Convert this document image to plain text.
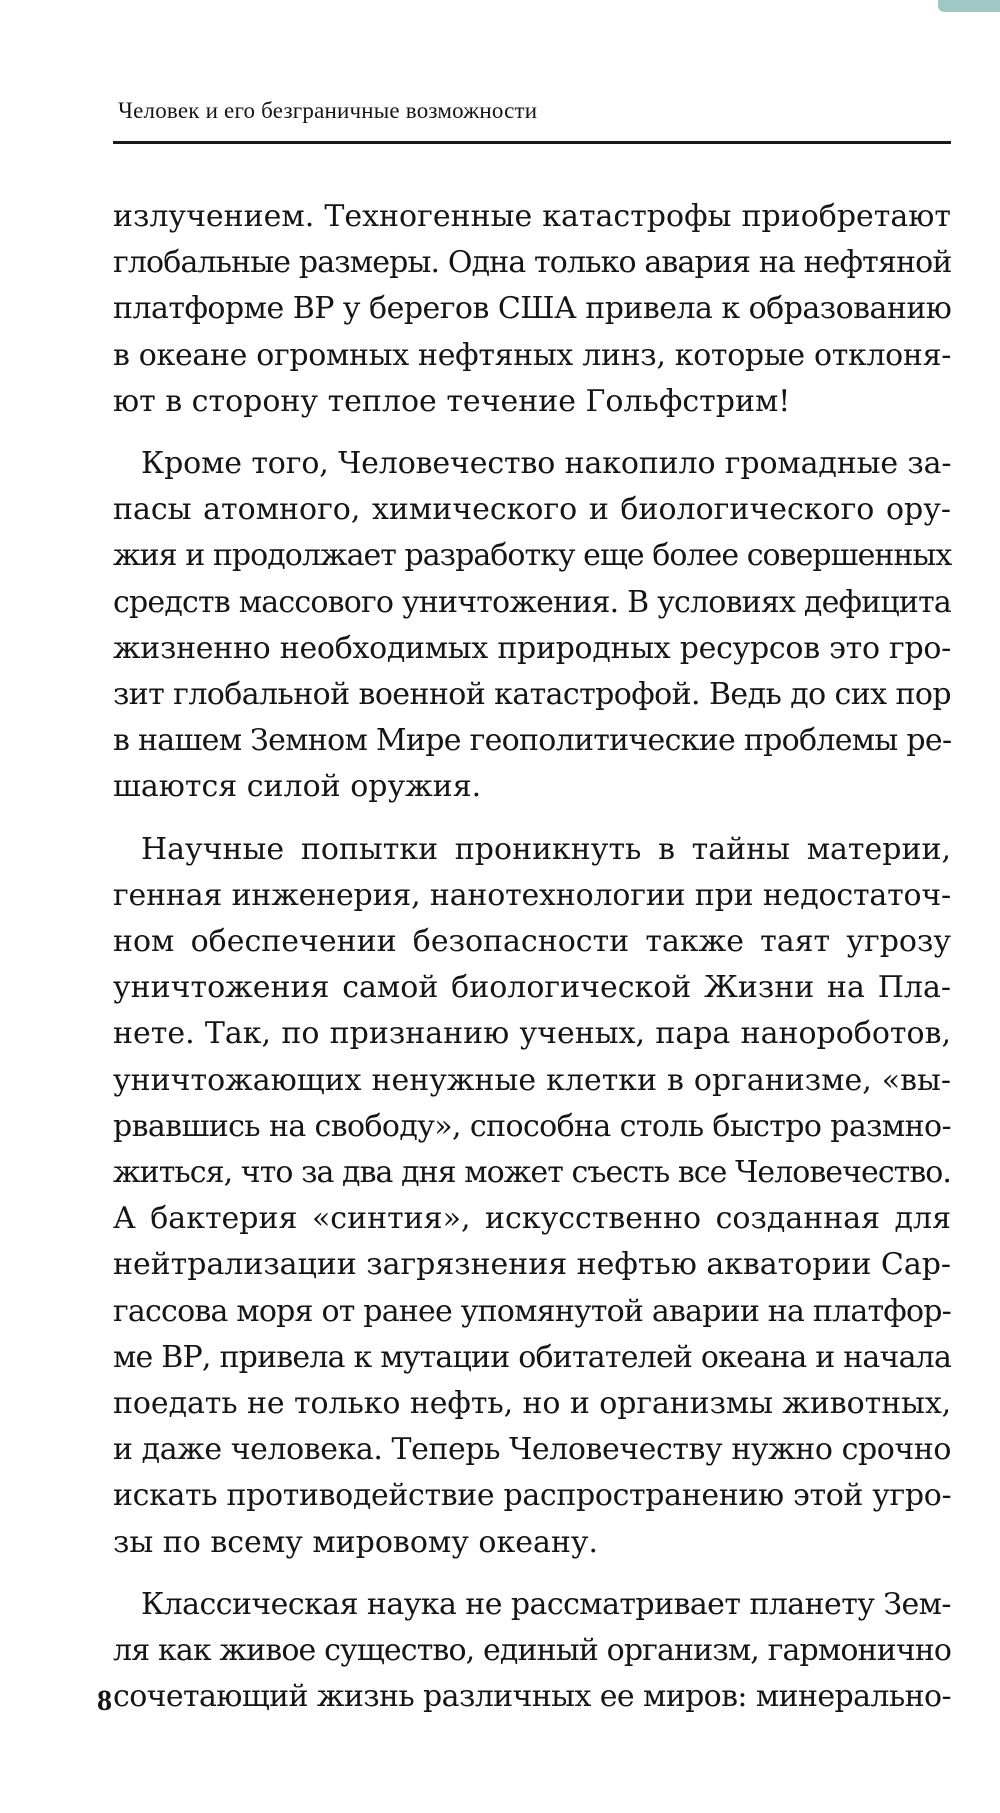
Человек и его безграничные возможности
излучением. Техногенные катастрофы приобретают
глобальные размеры. Одна только авария на нефтяной
платформе ВР у берегов США привела к образованию
в океане огромных нефтяных линз, которые отклоня-
ют в сторону теплое течение Гольфстрим!
Кроме того, Человечество накопило громадные за-
пасы атомного, химического и биологического ору-
жия и продолжает разработку еще более совершенных
средств массового уничтожения. В условиях дефицита
жизненно необходимых природных ресурсов это гро-
зит глобальной военной катастрофой. Ведь до сих пор
в нашем Земном Мире геополитические проблемы ре-
шаются силой оружия.
Научные попытки проникнуть в тайны материи,
генная инженерия, нанотехнологии при недостаточ-
ном обеспечении безопасности также таят угрозу
уничтожения самой биологической Жизни на Пла-
нете. Так, по признанию ученых, пара нанороботов,
уничтожающих ненужные клетки в организме, «вы-
рвавшись на свободу», способна столь быстро размно-
житься, что за два дня может съесть все Человечество.
А бактерия «синтия», искусственно созданная для
нейтрализации загрязнения нефтью акватории Сар-
гассова моря от ранее упомянутой аварии на платфор-
ме ВР, привела к мутации обитателей океана и начала
поедать не только нефть, но и организмы животных,
и даже человека. Теперь Человечеству нужно срочно
искать противодействие распространению этой угро-
зы по всему мировому океану.
Классическая наука не рассматривает планету Зем-
ля как живое существо, единый организм, гармонично
сочетающий жизнь различных ее миров: минерально-
8
